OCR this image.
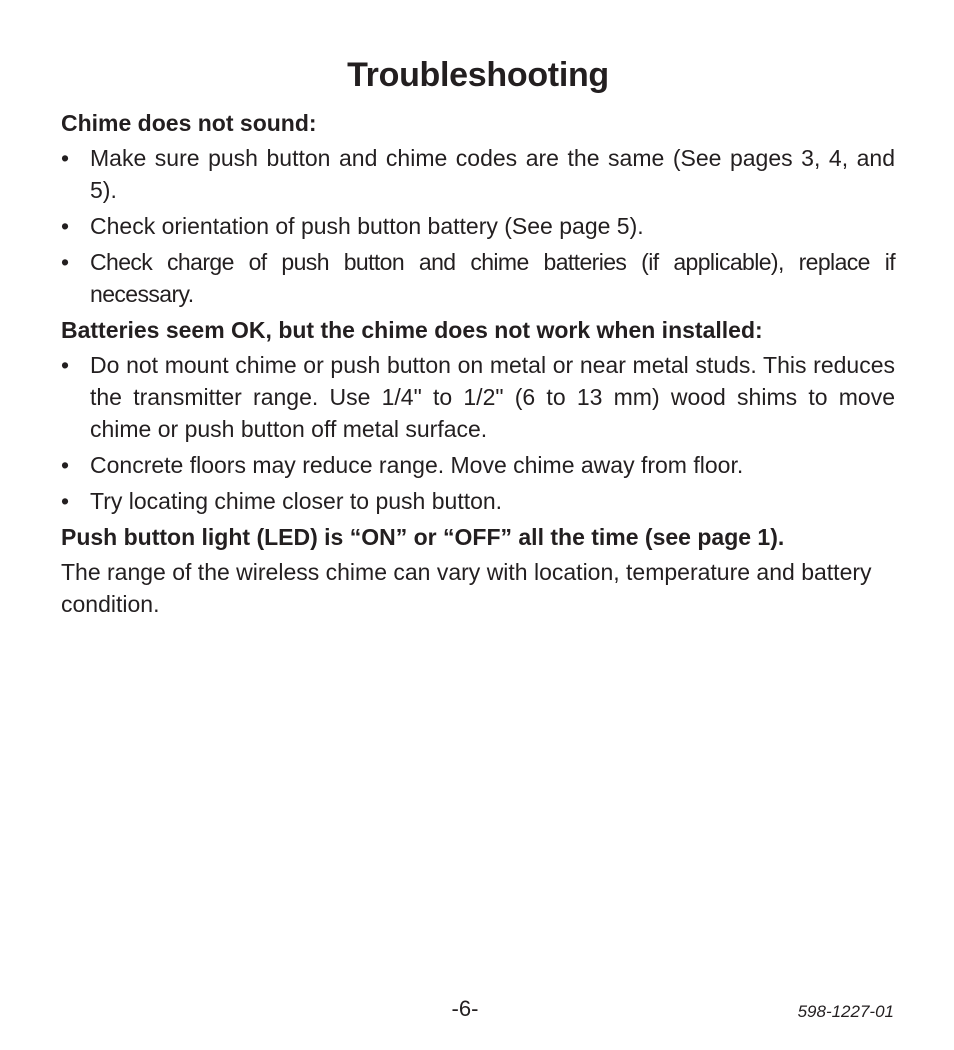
Troubleshooting

Chime does not sound:

• Make sure push button and chime codes are the same (See pages 3, 4, and 5).
• Check orientation of push button battery (See page 5).
• Check charge of push button and chime batteries (if applicable), replace if necessary.

Batteries seem OK, but the chime does not work when installed:

• Do not mount chime or push button on metal or near metal studs. This reduces the transmitter range. Use 1/4" to 1/2" (6 to 13 mm) wood shims to move chime or push button off metal surface.
• Concrete floors may reduce range. Move chime away from floor.
• Try locating chime closer to push button.

Push button light (LED) is “ON” or “OFF” all the time (see page 1).

The range of the wireless chime can vary with location, temperature and battery condition.

-6-	598-1227-01
